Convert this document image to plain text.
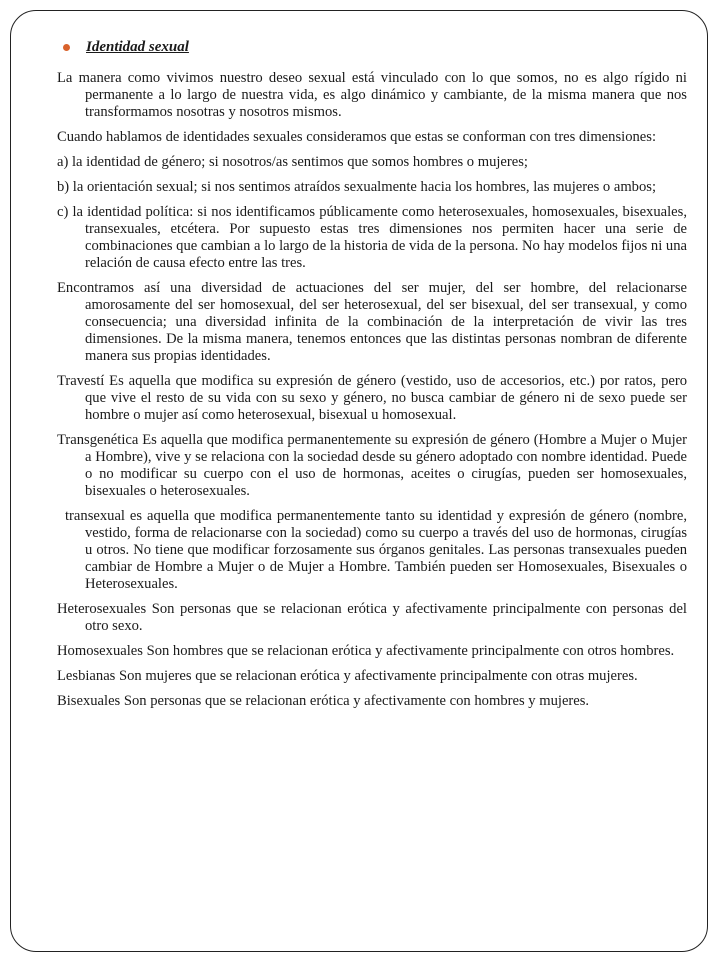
Identidad sexual

La manera como vivimos nuestro deseo sexual está vinculado con lo que somos, no es algo rígido ni permanente a lo largo de nuestra vida, es algo dinámico y cambiante, de la misma manera que nos transformamos nosotras y nosotros mismos.

Cuando hablamos de identidades sexuales consideramos que estas se conforman con tres dimensiones:

a) la identidad de género; si nosotros/as sentimos que somos hombres o mujeres;

b) la orientación sexual; si nos sentimos atraídos sexualmente hacia los hombres, las mujeres o ambos;

c) la identidad política: si nos identificamos públicamente como heterosexuales, homosexuales, bisexuales, transexuales, etcétera. Por supuesto estas tres dimensiones nos permiten hacer una serie de combinaciones que cambian a lo largo de la historia de vida de la persona. No hay modelos fijos ni una relación de causa efecto entre las tres.

Encontramos así una diversidad de actuaciones del ser mujer, del ser hombre, del relacionarse amorosamente del ser homosexual, del ser heterosexual, del ser bisexual, del ser transexual, y como consecuencia; una diversidad infinita de la combinación de la interpretación de vivir las tres dimensiones. De la misma manera, tenemos entonces que las distintas personas nombran de diferente manera sus propias identidades.

Travestí Es aquella que modifica su expresión de género (vestido, uso de accesorios, etc.) por ratos, pero que vive el resto de su vida con su sexo y género, no busca cambiar de género ni de sexo puede ser hombre o mujer así como heterosexual, bisexual u homosexual.

Transgenética Es aquella que modifica permanentemente su expresión de género (Hombre a Mujer o Mujer a Hombre), vive y se relaciona con la sociedad desde su género adoptado con nombre identidad. Puede o no modificar su cuerpo con el uso de hormonas, aceites o cirugías, pueden ser homosexuales, bisexuales o heterosexuales.

transexual es aquella que modifica permanentemente tanto su identidad y expresión de género (nombre, vestido, forma de relacionarse con la sociedad) como su cuerpo a través del uso de hormonas, cirugías u otros. No tiene que modificar forzosamente sus órganos genitales. Las personas transexuales pueden cambiar de Hombre a Mujer o de Mujer a Hombre. También pueden ser Homosexuales, Bisexuales o Heterosexuales.

Heterosexuales Son personas que se relacionan erótica y afectivamente principalmente con personas del otro sexo.

Homosexuales Son hombres que se relacionan erótica y afectivamente principalmente con otros hombres.

Lesbianas Son mujeres que se relacionan erótica y afectivamente principalmente con otras mujeres.

Bisexuales Son personas que se relacionan erótica y afectivamente con hombres y mujeres.
